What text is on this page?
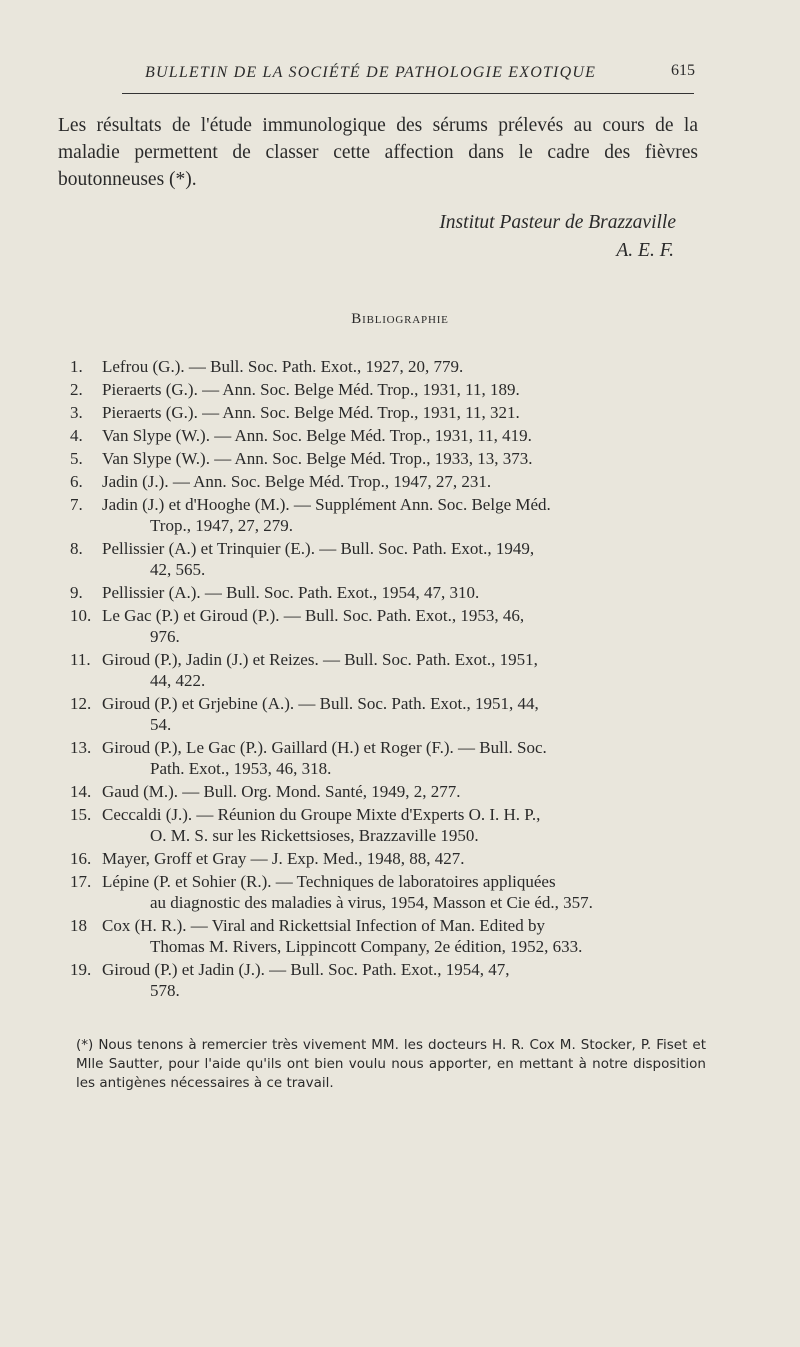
BULLETIN DE LA SOCIÉTÉ DE PATHOLOGIE EXOTIQUE	615

Les résultats de l'étude immunologique des sérums prélevés au cours de la maladie permettent de classer cette affection dans le cadre des fièvres boutonneuses (*).

Institut Pasteur de Brazzaville
A. E. F.
Bibliographie
1.	Lefrou (G.). — Bull. Soc. Path. Exot., 1927, 20, 779.
2.	Pieraerts (G.). — Ann. Soc. Belge Méd. Trop., 1931, 11, 189.
3.	Pieraerts (G.). — Ann. Soc. Belge Méd. Trop., 1931, 11, 321.
4.	Van Slype (W.). — Ann. Soc. Belge Méd. Trop., 1931, 11, 419.
5.	Van Slype (W.). — Ann. Soc. Belge Méd. Trop., 1933, 13, 373.
6.	Jadin (J.). — Ann. Soc. Belge Méd. Trop., 1947, 27, 231.
7.	Jadin (J.) et d'Hooghe (M.). — Supplément Ann. Soc. Belge Méd.
Trop., 1947, 27, 279.
8.	Pellissier (A.) et Trinquier (E.). — Bull. Soc. Path. Exot., 1949,
42, 565.
9.	Pellissier (A.). — Bull. Soc. Path. Exot., 1954, 47, 310.
10. Le Gac (P.) et Giroud (P.). — Bull. Soc. Path. Exot., 1953, 46,
976.
11. Giroud (P.), Jadin (J.) et Reizes. — Bull. Soc. Path. Exot., 1951,
44, 422.
12. Giroud (P.) et Grjebine (A.). — Bull. Soc. Path. Exot., 1951, 44,
54.
13. Giroud (P.), Le Gac (P.). Gaillard (H.) et Roger (F.). — Bull. Soc.
Path. Exot., 1953, 46, 318.
14. Gaud (M.). — Bull. Org. Mond. Santé, 1949, 2, 277.
15. Ceccaldi (J.). — Réunion du Groupe Mixte d'Experts O. I. H. P.,
O. M. S. sur les Rickettsioses, Brazzaville 1950.
16. Mayer, Groff et Gray — J. Exp. Med., 1948, 88, 427.
17. Lépine (P. et Sohier (R.). — Techniques de laboratoires appliquées
au diagnostic des maladies à virus, 1954, Masson et Cie éd., 357.
18 Cox (H. R.). — Viral and Rickettsial Infection of Man. Edited by
Thomas M. Rivers, Lippincott Company, 2e édition, 1952, 633.
19. Giroud (P.) et Jadin (J.). — Bull. Soc. Path. Exot., 1954, 47,
578.
(*) Nous tenons à remercier très vivement MM. les docteurs H. R. Cox M. Stocker, P. Fiset et Mlle Sautter, pour l'aide qu'ils ont bien voulu nous apporter, en mettant à notre disposition les antigènes nécessaires à ce travail.
